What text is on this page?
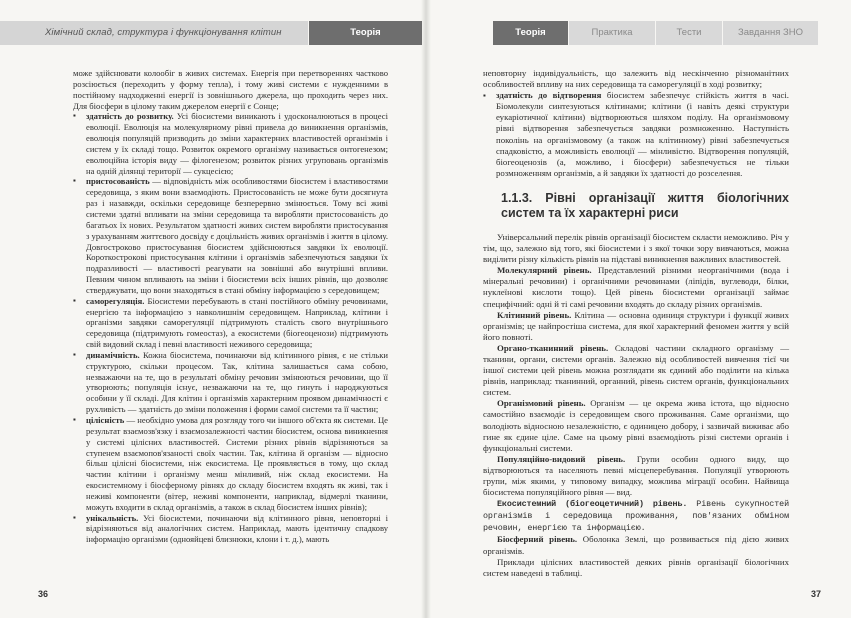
Хімічний склад, структура і функціонування клітин	Теорія

може здійснювати колообіг в живих системах. Енергія при перетвореннях частково розсіюється (переходить у форму тепла), і тому живі системи є нужденними в постійному надходженні енергії із зовнішнього джерела, що проходить через них. Для біосфери в цілому таким джерелом енергії є Сонце;

▪ здатність до розвитку. Усі біосистеми виникають і удосконалюються в процесі еволюції. Еволюція на молекулярному рівні привела до виникнення організмів, еволюція популяцій призводить до зміни характерних властивостей організмів і систем у їх складі тощо. Розвиток окремого організму називається онтогенезом; еволюційна історія виду — філогенезом; розвиток різних угруповань організмів на одній ділянці території — сукцесією;

▪ пристосованість — відповідність між особливостями біосистем і властивостями середовища, з яким вони взаємодіють. Пристосованість не може бути досягнута раз і назавжди, оскільки середовище безперервно змінюється. Тому всі живі системи здатні впливати на зміни середовища та виробляти пристосованість до багатьох їх нових. Результатом здатності живих систем виробляти пристосування з урахуванням життєвого досвіду є доцільність живих організмів і життя в цілому. Довгостроково пристосування біосистем здійснюються завдяки їх еволюції. Короткострокові пристосування клітини і організмів забезпечуються завдяки їх подразливості — властивості реагувати на зовнішні або внутрішні впливи. Певним чином впливають на зміни і біосистеми всіх інших рівнів, що дозволяє стверджувати, що вони знаходяться в стані обміну інформацією з середовищем;

▪ саморегуляція. Біосистеми перебувають в стані постійного обміну речовинами, енергією та інформацією з навколишнім середовищем. Наприклад, клітини і організми завдяки саморегуляції підтримують сталість свого внутрішнього середовища (підтримують гомеостаз), а екосистеми (біогеоценози) підтримують свій видовий склад і певні властивості неживого середовища;

▪ динамічність. Кожна біосистема, починаючи від клітинного рівня, є не стільки структурою, скільки процесом. Так, клітина залишається сама собою, незважаючи на те, що в результаті обміну речовин змінюються речовини, що її утворюють; популяція існує, незважаючи на те, що гинуть і народжуються особини у її складі. Для клітин і організмів характерним проявом динамічності є рухливість — здатність до зміни положення і форми самої системи та її частин;

▪ цілісність — необхідно умова для розгляду того чи іншого об'єкта як системи. Це результат взаємозв'язку і взаємозалежності частин біосистем, основа виникнення у системі цілісних властивостей. Системи різних рівнів відрізняються за ступенем взаємопов'язаності своїх частин. Так, клітина й організм — відносно більш цілісні біосистеми, ніж екосистема. Це проявляється в тому, що склад частин клітини і організму менш мінливий, ніж склад екосистеми. На екосистемному і біосферному рівнях до складу біосистем входять як живі, так і неживі компоненти (вітер, неживі компоненти, наприклад, відмерлі тканини, можуть входити в склад організмів, а також в склад біосистем інших рівнів);

▪ унікальність. Усі біосистеми, починаючи від клітинного рівня, неповторні і відрізняються від аналогічних систем. Наприклад, мають ідентичну спадкову інформацію організми (однояйцеві близнюки, клони і т. д.), мають

36
Теорія	Практика	Тести	Завдання ЗНО

неповторну індивідуальність, що залежить від нескінченно різноманітних особливостей впливу на них середовища та саморегуляції в ході розвитку;

▪ здатність до відтворення біосистем забезпечує стійкість життя в часі. Біомолекули синтезуються клітинами; клітини (і навіть деякі структури еукаріотичної клітини) відтворюються шляхом поділу. На організмовому рівні відтворення забезпечується завдяки розмноженню. Наступність поколінь на організмовому (а також на клітинному) рівні забезпечується спадковістю, а можливість еволюції — мінливістю. Відтворення популяцій, біогеоценозів (а, можливо, і біосфери) забезпечується не тільки розмноженням організмів, а й завдяки їх здатності до розселення.

1.1.3. Рівні організації життя біологічних систем та їх характерні риси

Універсальний перелік рівнів організації біосистем скласти неможливо. Річ у тім, що, залежно від того, які біосистеми і з якої точки зору вивчаються, можна виділити різну кількість рівнів на підставі виникнення важливих властивостей.

Молекулярний рівень. Представлений різними неорганічними (вода і мінеральні речовини) і органічними речовинами (ліпідів, вуглеводи, білки, нуклеїнові кислоти тощо). Цей рівень біосистеми організації займає специфічний: одні й ті самі речовини входять до складу різних організмів.

Клітинний рівень. Клітина — основна одиниця структури і функції живих організмів; це найпростіша система, для якої характерний феномен життя у всій його повноті.

Органо-тканинний рівень. Складові частини складного організму — тканини, органи, системи органів. Залежно від особливостей вивчення тієї чи іншої системи цей рівень можна розглядати як єдиний або поділити на кілька рівнів, наприклад: тканинний, органний, рівень систем органів, функціональних систем.

Організмовий рівень. Організм — це окрема жива істота, що відносно самостійно взаємодіє із середовищем свого проживання. Саме організми, що володіють відносною незалежністю, є одиницею добору, і зазвичай виживає або гине як єдине ціле. Саме на цьому рівні взаємодіють різні системи органів і функціональні системи.

Популяційно-видовий рівень. Групи особин одного виду, що відтворюються та населяють певні місцеперебування. Популяції утворюють групи, між якими, у типовому випадку, можлива міграції особин. Найвища біосистема популяційного рівня — вид.

Екосистемний (біогеоцетичний) рівень. Рівень сукупностей організмів і середовища проживання, пов'язаних обміном речовин, енергією та інформацією.

Біосферний рівень. Оболонка Землі, що розвивається під дією живих організмів.

Приклади цілісних властивостей деяких рівнів організації біологічних систем наведені в таблиці.

37
